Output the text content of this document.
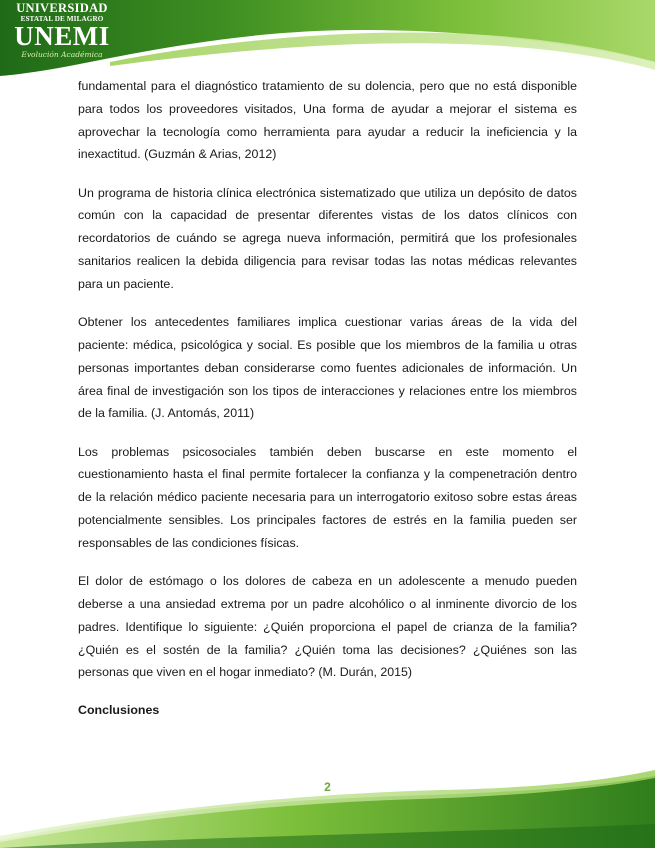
UNIVERSIDAD
ESTATAL DE MILAGRO
UNEMI
Evolución Académica

fundamental para el diagnóstico tratamiento de su dolencia, pero que no está disponible para todos los proveedores visitados, Una forma de ayudar a mejorar el sistema es aprovechar la tecnología como herramienta para ayudar a reducir la ineficiencia y la inexactitud. (Guzmán & Arias, 2012)

Un programa de historia clínica electrónica sistematizado que utiliza un depósito de datos común con la capacidad de presentar diferentes vistas de los datos clínicos con recordatorios de cuándo se agrega nueva información, permitirá que los profesionales sanitarios realicen la debida diligencia para revisar todas las notas médicas relevantes para un paciente.

Obtener los antecedentes familiares implica cuestionar varias áreas de la vida del paciente: médica, psicológica y social. Es posible que los miembros de la familia u otras personas importantes deban considerarse como fuentes adicionales de información. Un área final de investigación son los tipos de interacciones y relaciones entre los miembros de la familia. (J. Antomás, 2011)

Los problemas psicosociales también deben buscarse en este momento el cuestionamiento hasta el final permite fortalecer la confianza y la compenetración dentro de la relación médico paciente necesaria para un interrogatorio exitoso sobre estas áreas potencialmente sensibles. Los principales factores de estrés en la familia pueden ser responsables de las condiciones físicas.

El dolor de estómago o los dolores de cabeza en un adolescente a menudo pueden deberse a una ansiedad extrema por un padre alcohólico o al inminente divorcio de los padres. Identifique lo siguiente: ¿Quién proporciona el papel de crianza de la familia? ¿Quién es el sostén de la familia? ¿Quién toma las decisiones? ¿Quiénes son las personas que viven en el hogar inmediato? (M. Durán, 2015)

Conclusiones
2
